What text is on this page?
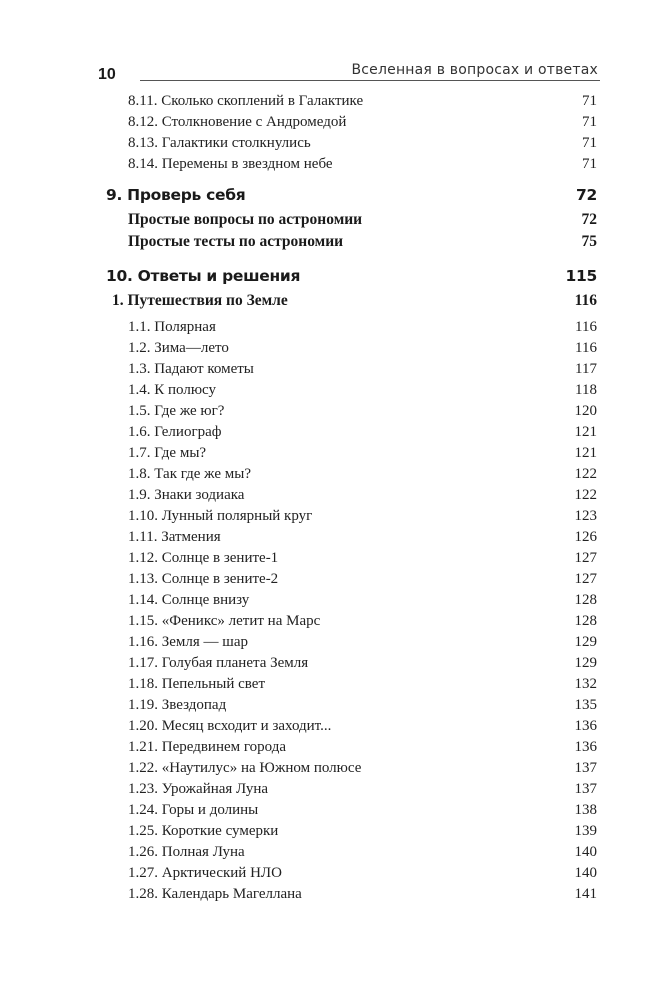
10	Вселенная в вопросах и ответах
8.11. Сколько скоплений в Галактике	71
8.12. Столкновение с Андромедой	71
8.13. Галактики столкнулись	71
8.14. Перемены в звездном небе	71
9. Проверь себя	72
Простые вопросы по астрономии	72
Простые тесты по астрономии	75
10. Ответы и решения	115
1. Путешествия по Земле	116
1.1. Полярная	116
1.2. Зима—лето	116
1.3. Падают кометы	117
1.4. К полюсу	118
1.5. Где же юг?	120
1.6. Гелиограф	121
1.7. Где мы?	121
1.8. Так где же мы?	122
1.9. Знаки зодиака	122
1.10. Лунный полярный круг	123
1.11. Затмения	126
1.12. Солнце в зените-1	127
1.13. Солнце в зените-2	127
1.14. Солнце внизу	128
1.15. «Феникс» летит на Марс	128
1.16. Земля — шар	129
1.17. Голубая планета Земля	129
1.18. Пепельный свет	132
1.19. Звездопад	135
1.20. Месяц всходит и заходит...	136
1.21. Передвинем города	136
1.22. «Наутилус» на Южном полюсе	137
1.23. Урожайная Луна	137
1.24. Горы и долины	138
1.25. Короткие сумерки	139
1.26. Полная Луна	140
1.27. Арктический НЛО	140
1.28. Календарь Магеллана	141
